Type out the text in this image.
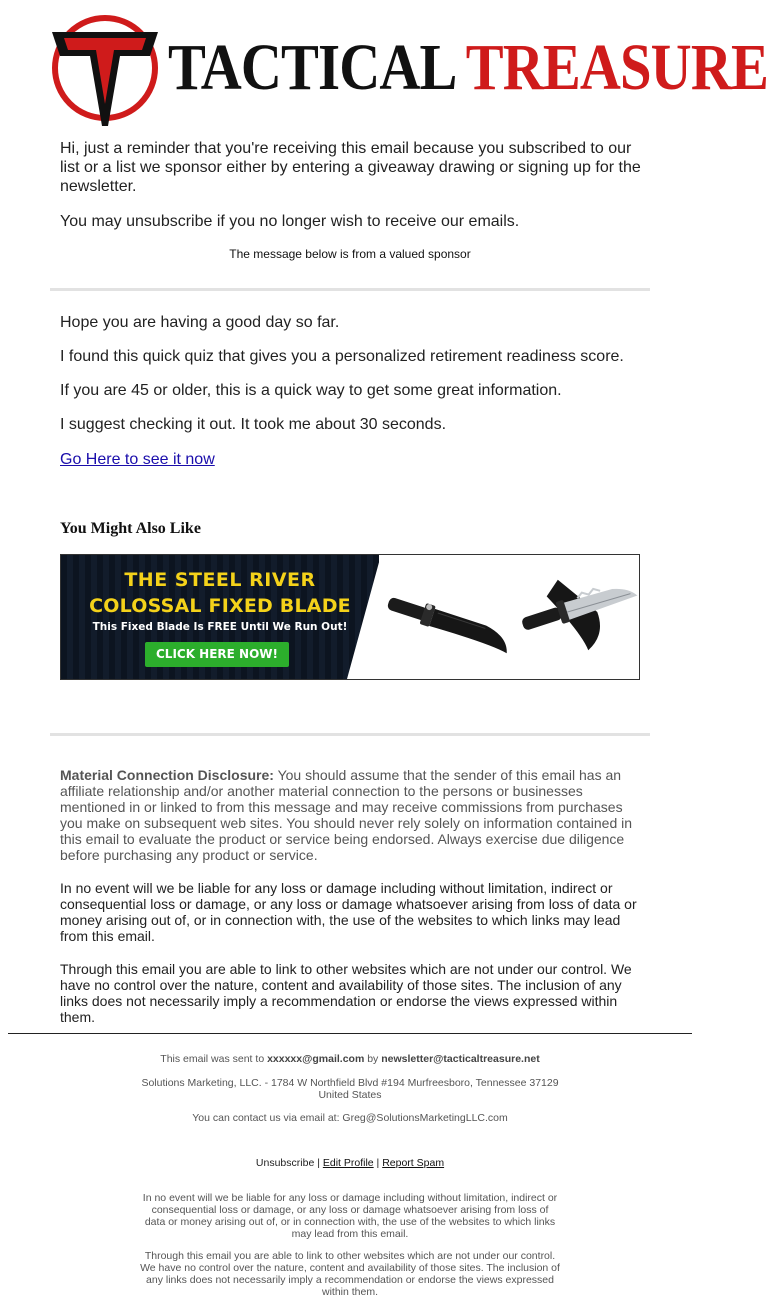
TACTICAL TREASURE
Hi, just a reminder that you're receiving this email because you subscribed to our list or a list we sponsor either by entering a giveaway drawing or signing up for the newsletter.
You may unsubscribe if you no longer wish to receive our emails.
The message below is from a valued sponsor
Hope you are having a good day so far.
I found this quick quiz that gives you a personalized retirement readiness score.
If you are 45 or older, this is a quick way to get some great information.
I suggest checking it out. It took me about 30 seconds.
Go Here to see it now
You Might Also Like
THE STEEL RIVER
COLOSSAL FIXED BLADE
This Fixed Blade Is FREE Until We Run Out!
CLICK HERE NOW!
Material Connection Disclosure: You should assume that the sender of this email has an affiliate relationship and/or another material connection to the persons or businesses mentioned in or linked to from this message and may receive commissions from purchases you make on subsequent web sites. You should never rely solely on information contained in this email to evaluate the product or service being endorsed. Always exercise due diligence before purchasing any product or service.
In no event will we be liable for any loss or damage including without limitation, indirect or consequential loss or damage, or any loss or damage whatsoever arising from loss of data or money arising out of, or in connection with, the use of the websites to which links may lead from this email.
Through this email you are able to link to other websites which are not under our control. We have no control over the nature, content and availability of those sites. The inclusion of any links does not necessarily imply a recommendation or endorse the views expressed within them.
This email was sent to xxxxxx@gmail.com by newsletter@tacticaltreasure.net
Solutions Marketing, LLC. - 1784 W Northfield Blvd #194 Murfreesboro, Tennessee 37129 United States
You can contact us via email at: Greg@SolutionsMarketingLLC.com
Unsubscribe | Edit Profile | Report Spam
In no event will we be liable for any loss or damage including without limitation, indirect or consequential loss or damage, or any loss or damage whatsoever arising from loss of data or money arising out of, or in connection with, the use of the websites to which links may lead from this email.
Through this email you are able to link to other websites which are not under our control. We have no control over the nature, content and availability of those sites. The inclusion of any links does not necessarily imply a recommendation or endorse the views expressed within them.
